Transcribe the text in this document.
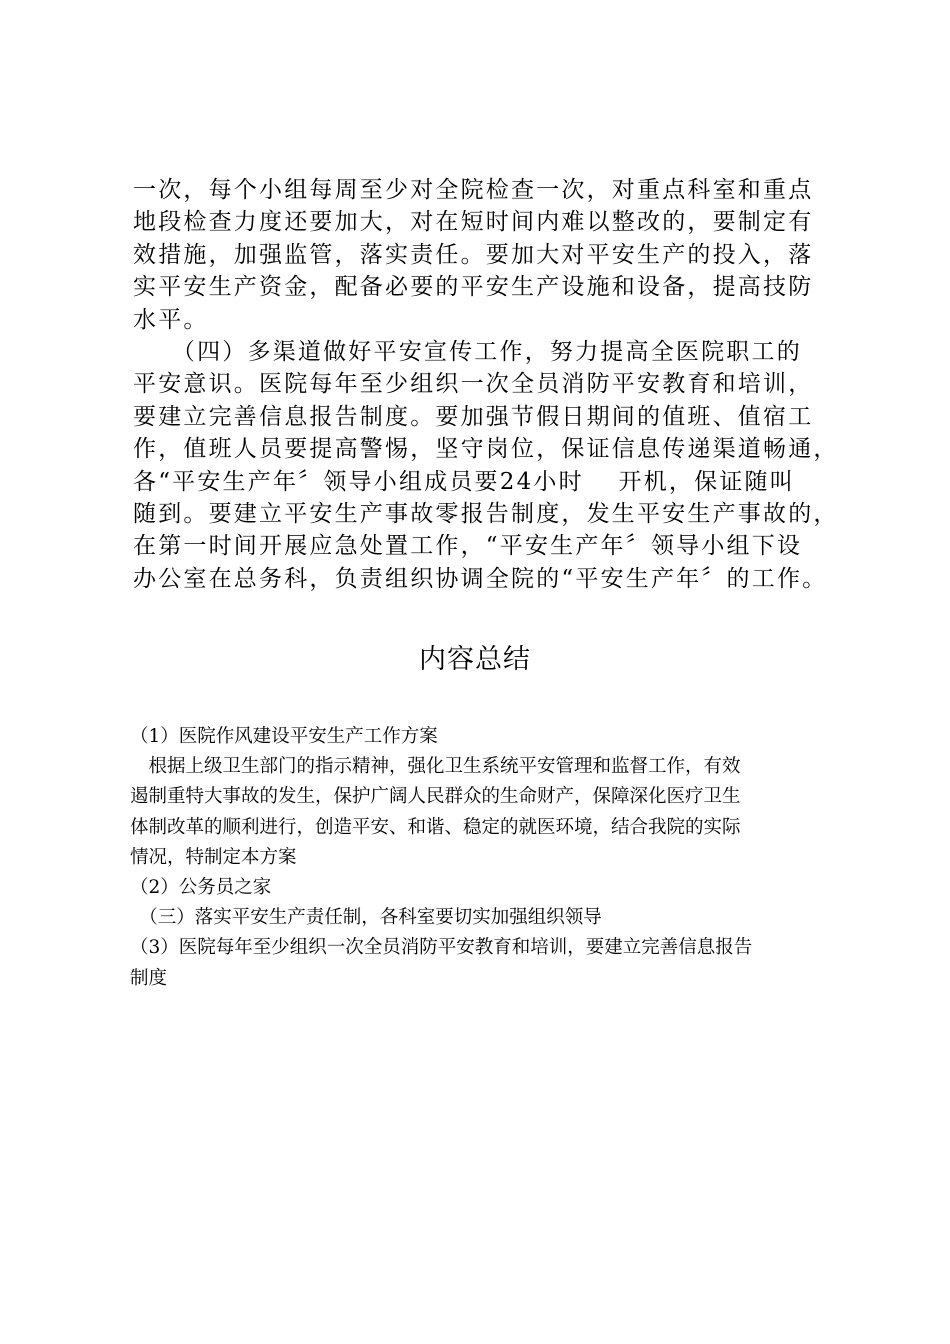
一次，每个小组每周至少对全院检查一次，对重点科室和重点
地段检查力度还要加大，对在短时间内难以整改的，要制定有
效措施，加强监管，落实责任。要加大对平安生产的投入，落
实平安生产资金，配备必要的平安生产设施和设备，提高技防
水平。
　　（四）多渠道做好平安宣传工作，努力提高全医院职工的
平安意识。医院每年至少组织一次全员消防平安教育和培训，
要建立完善信息报告制度。要加强节假日期间的值班、值宿工
作，值班人员要提高警惕，坚守岗位，保证信息传递渠道畅通，
各“平安生产年〞领导小组成员要24小时　 开机，保证随叫
随到。要建立平安生产事故零报告制度，发生平安生产事故的，
在第一时间开展应急处置工作，“平安生产年〞领导小组下设
办公室在总务科，负责组织协调全院的“平安生产年〞的工作。
内容总结
（1）医院作风建设平安生产工作方案
　根据上级卫生部门的指示精神，强化卫生系统平安管理和监督工作，有效
遏制重特大事故的发生，保护广阔人民群众的生命财产，保障深化医疗卫生
体制改革的顺利进行，创造平安、和谐、稳定的就医环境，结合我院的实际
情况，特制定本方案
（2）公务员之家
　（三）落实平安生产责任制，各科室要切实加强组织领导
（3）医院每年至少组织一次全员消防平安教育和培训，要建立完善信息报告
制度
